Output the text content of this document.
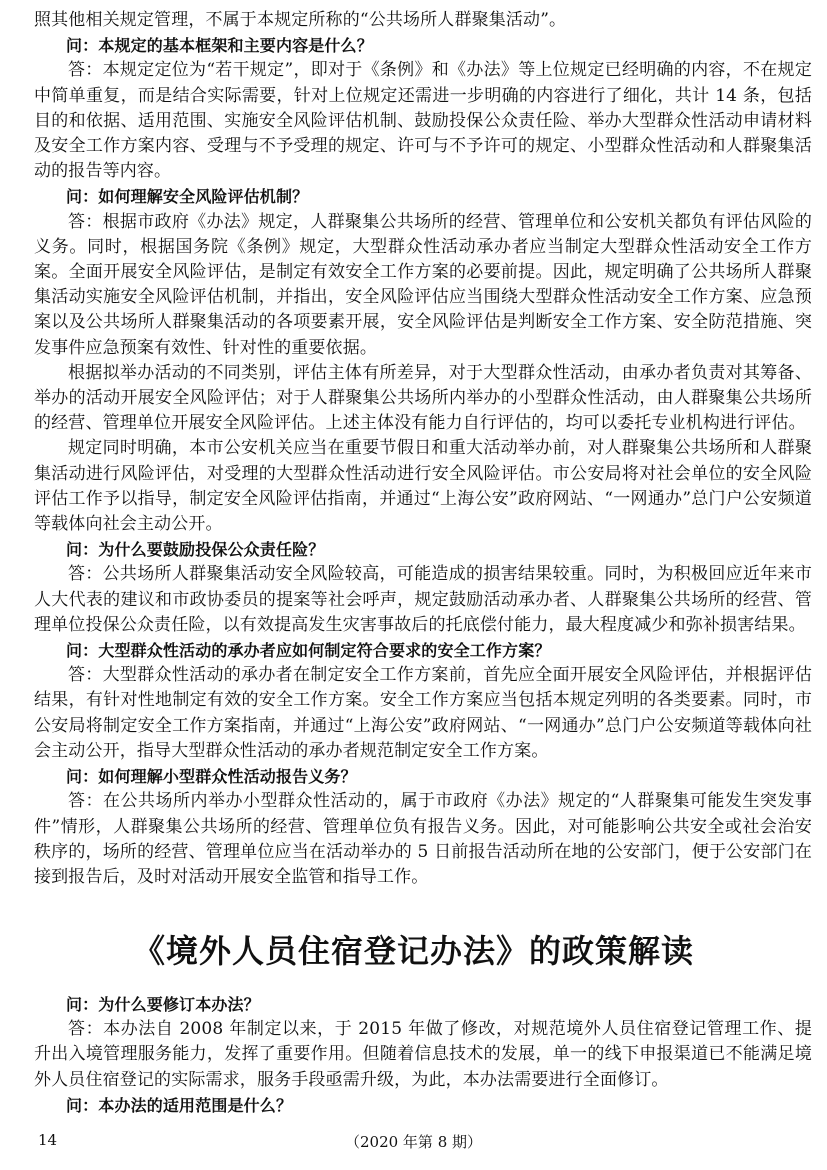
照其他相关规定管理，不属于本规定所称的“公共场所人群聚集活动”。

问：本规定的基本框架和主要内容是什么？

答：本规定定位为“若干规定”，即对于《条例》和《办法》等上位规定已经明确的内容，不在规定中简单重复，而是结合实际需要，针对上位规定还需进一步明确的内容进行了细化，共计 14 条，包括目的和依据、适用范围、实施安全风险评估机制、鼓励投保公众责任险、举办大型群众性活动申请材料及安全工作方案内容、受理与不予受理的规定、许可与不予许可的规定、小型群众性活动和人群聚集活动的报告等内容。

问：如何理解安全风险评估机制？

答：根据市政府《办法》规定，人群聚集公共场所的经营、管理单位和公安机关都负有评估风险的义务。同时，根据国务院《条例》规定，大型群众性活动承办者应当制定大型群众性活动安全工作方案。全面开展安全风险评估，是制定有效安全工作方案的必要前提。因此，规定明确了公共场所人群聚集活动实施安全风险评估机制，并指出，安全风险评估应当围绕大型群众性活动安全工作方案、应急预案以及公共场所人群聚集活动的各项要素开展，安全风险评估是判断安全工作方案、安全防范措施、突发事件应急预案有效性、针对性的重要依据。

根据拟举办活动的不同类别，评估主体有所差异，对于大型群众性活动，由承办者负责对其筹备、举办的活动开展安全风险评估；对于人群聚集公共场所内举办的小型群众性活动，由人群聚集公共场所的经营、管理单位开展安全风险评估。上述主体没有能力自行评估的，均可以委托专业机构进行评估。

规定同时明确，本市公安机关应当在重要节假日和重大活动举办前，对人群聚集公共场所和人群聚集活动进行风险评估，对受理的大型群众性活动进行安全风险评估。市公安局将对社会单位的安全风险评估工作予以指导，制定安全风险评估指南，并通过“上海公安”政府网站、“一网通办”总门户公安频道等载体向社会主动公开。

问：为什么要鼓励投保公众责任险？

答：公共场所人群聚集活动安全风险较高，可能造成的损害结果较重。同时，为积极回应近年来市人大代表的建议和市政协委员的提案等社会呼声，规定鼓励活动承办者、人群聚集公共场所的经营、管理单位投保公众责任险，以有效提高发生灾害事故后的托底偿付能力，最大程度减少和弥补损害结果。

问：大型群众性活动的承办者应如何制定符合要求的安全工作方案？

答：大型群众性活动的承办者在制定安全工作方案前，首先应全面开展安全风险评估，并根据评估结果，有针对性地制定有效的安全工作方案。安全工作方案应当包括本规定列明的各类要素。同时，市公安局将制定安全工作方案指南，并通过“上海公安”政府网站、“一网通办”总门户公安频道等载体向社会主动公开，指导大型群众性活动的承办者规范制定安全工作方案。

问：如何理解小型群众性活动报告义务？

答：在公共场所内举办小型群众性活动的，属于市政府《办法》规定的“人群聚集可能发生突发事件”情形，人群聚集公共场所的经营、管理单位负有报告义务。因此，对可能影响公共安全或社会治安秩序的，场所的经营、管理单位应当在活动举办的 5 日前报告活动所在地的公安部门，便于公安部门在接到报告后，及时对活动开展安全监管和指导工作。

《境外人员住宿登记办法》的政策解读

问：为什么要修订本办法？

答：本办法自 2008 年制定以来，于 2015 年做了修改，对规范境外人员住宿登记管理工作、提升出入境管理服务能力，发挥了重要作用。但随着信息技术的发展，单一的线下申报渠道已不能满足境外人员住宿登记的实际需求，服务手段亟需升级，为此，本办法需要进行全面修订。

问：本办法的适用范围是什么？

14	（2020 年第 8 期）
